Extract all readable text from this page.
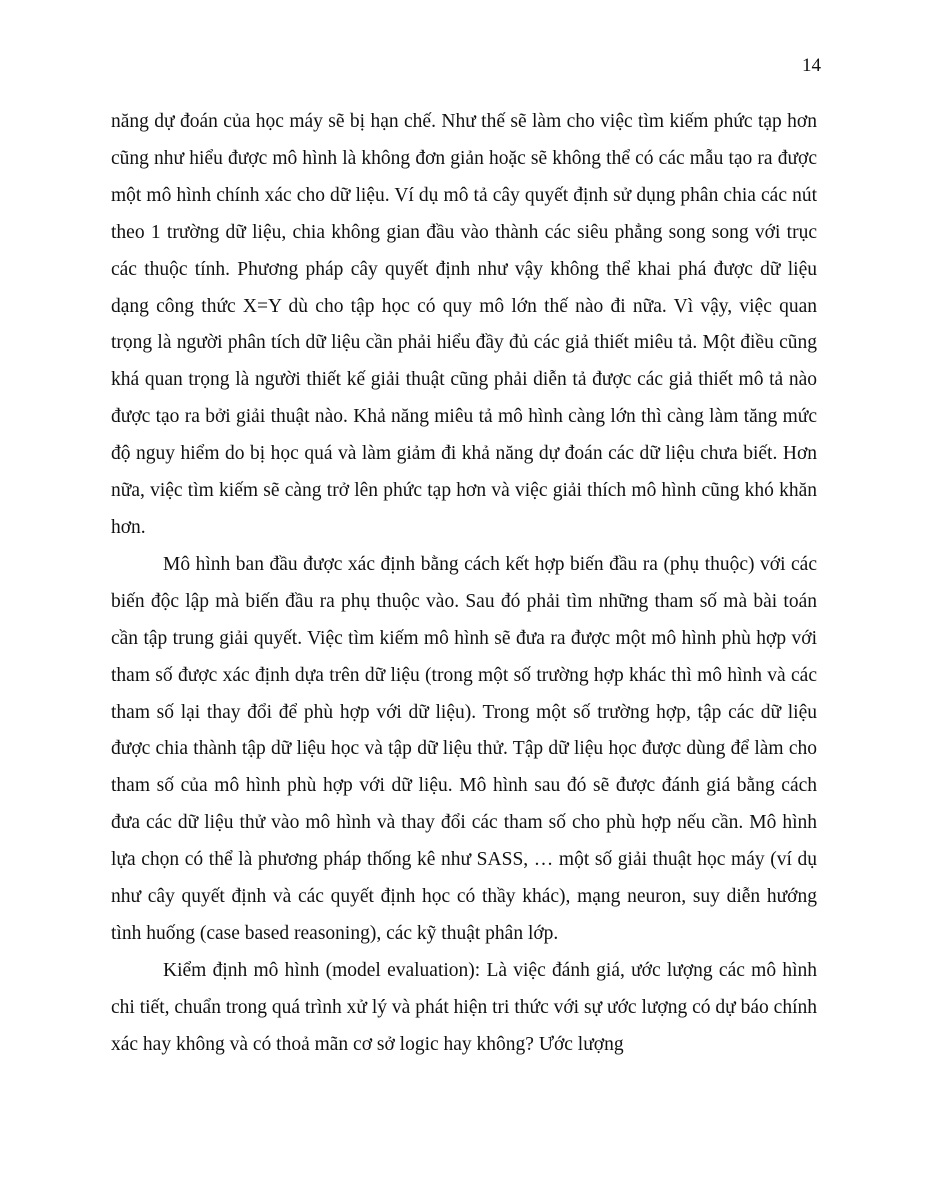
14

năng dự đoán của học máy sẽ bị hạn chế. Như thế sẽ làm cho việc tìm kiếm phức tạp hơn cũng như hiểu được mô hình là không đơn giản hoặc sẽ không thể có các mẫu tạo ra được một mô hình chính xác cho dữ liệu. Ví dụ mô tả cây quyết định sử dụng phân chia các nút theo 1 trường dữ liệu, chia không gian đầu vào thành các siêu phẳng song song với trục các thuộc tính. Phương pháp cây quyết định như vậy không thể khai phá được dữ liệu dạng công thức X=Y dù cho tập học có quy mô lớn thế nào đi nữa. Vì vậy, việc quan trọng là người phân tích dữ liệu cần phải hiểu đầy đủ các giả thiết miêu tả. Một điều cũng khá quan trọng là người thiết kế giải thuật cũng phải diễn tả được các giả thiết mô tả nào được tạo ra bởi giải thuật nào. Khả năng miêu tả mô hình càng lớn thì càng làm tăng mức độ nguy hiểm do bị học quá và làm giảm đi khả năng dự đoán các dữ liệu chưa biết. Hơn nữa, việc tìm kiếm sẽ càng trở lên phức tạp hơn và việc giải thích mô hình cũng khó khăn hơn.

Mô hình ban đầu được xác định bằng cách kết hợp biến đầu ra (phụ thuộc) với các biến độc lập mà biến đầu ra phụ thuộc vào. Sau đó phải tìm những tham số mà bài toán cần tập trung giải quyết. Việc tìm kiếm mô hình sẽ đưa ra được một mô hình phù hợp với tham số được xác định dựa trên dữ liệu (trong một số trường hợp khác thì mô hình và các tham số lại thay đổi để phù hợp với dữ liệu). Trong một số trường hợp, tập các dữ liệu được chia thành tập dữ liệu học và tập dữ liệu thử. Tập dữ liệu học được dùng để làm cho tham số của mô hình phù hợp với dữ liệu. Mô hình sau đó sẽ được đánh giá bằng cách đưa các dữ liệu thử vào mô hình và thay đổi các tham số cho phù hợp nếu cần. Mô hình lựa chọn có thể là phương pháp thống kê như SASS, … một số giải thuật học máy (ví dụ như cây quyết định và các quyết định học có thầy khác), mạng neuron, suy diễn hướng tình huống (case based reasoning), các kỹ thuật phân lớp.

Kiểm định mô hình (model evaluation): Là việc đánh giá, ước lượng các mô hình chi tiết, chuẩn trong quá trình xử lý và phát hiện tri thức với sự ước lượng có dự báo chính xác hay không và có thoả mãn cơ sở logic hay không? Ước lượng
